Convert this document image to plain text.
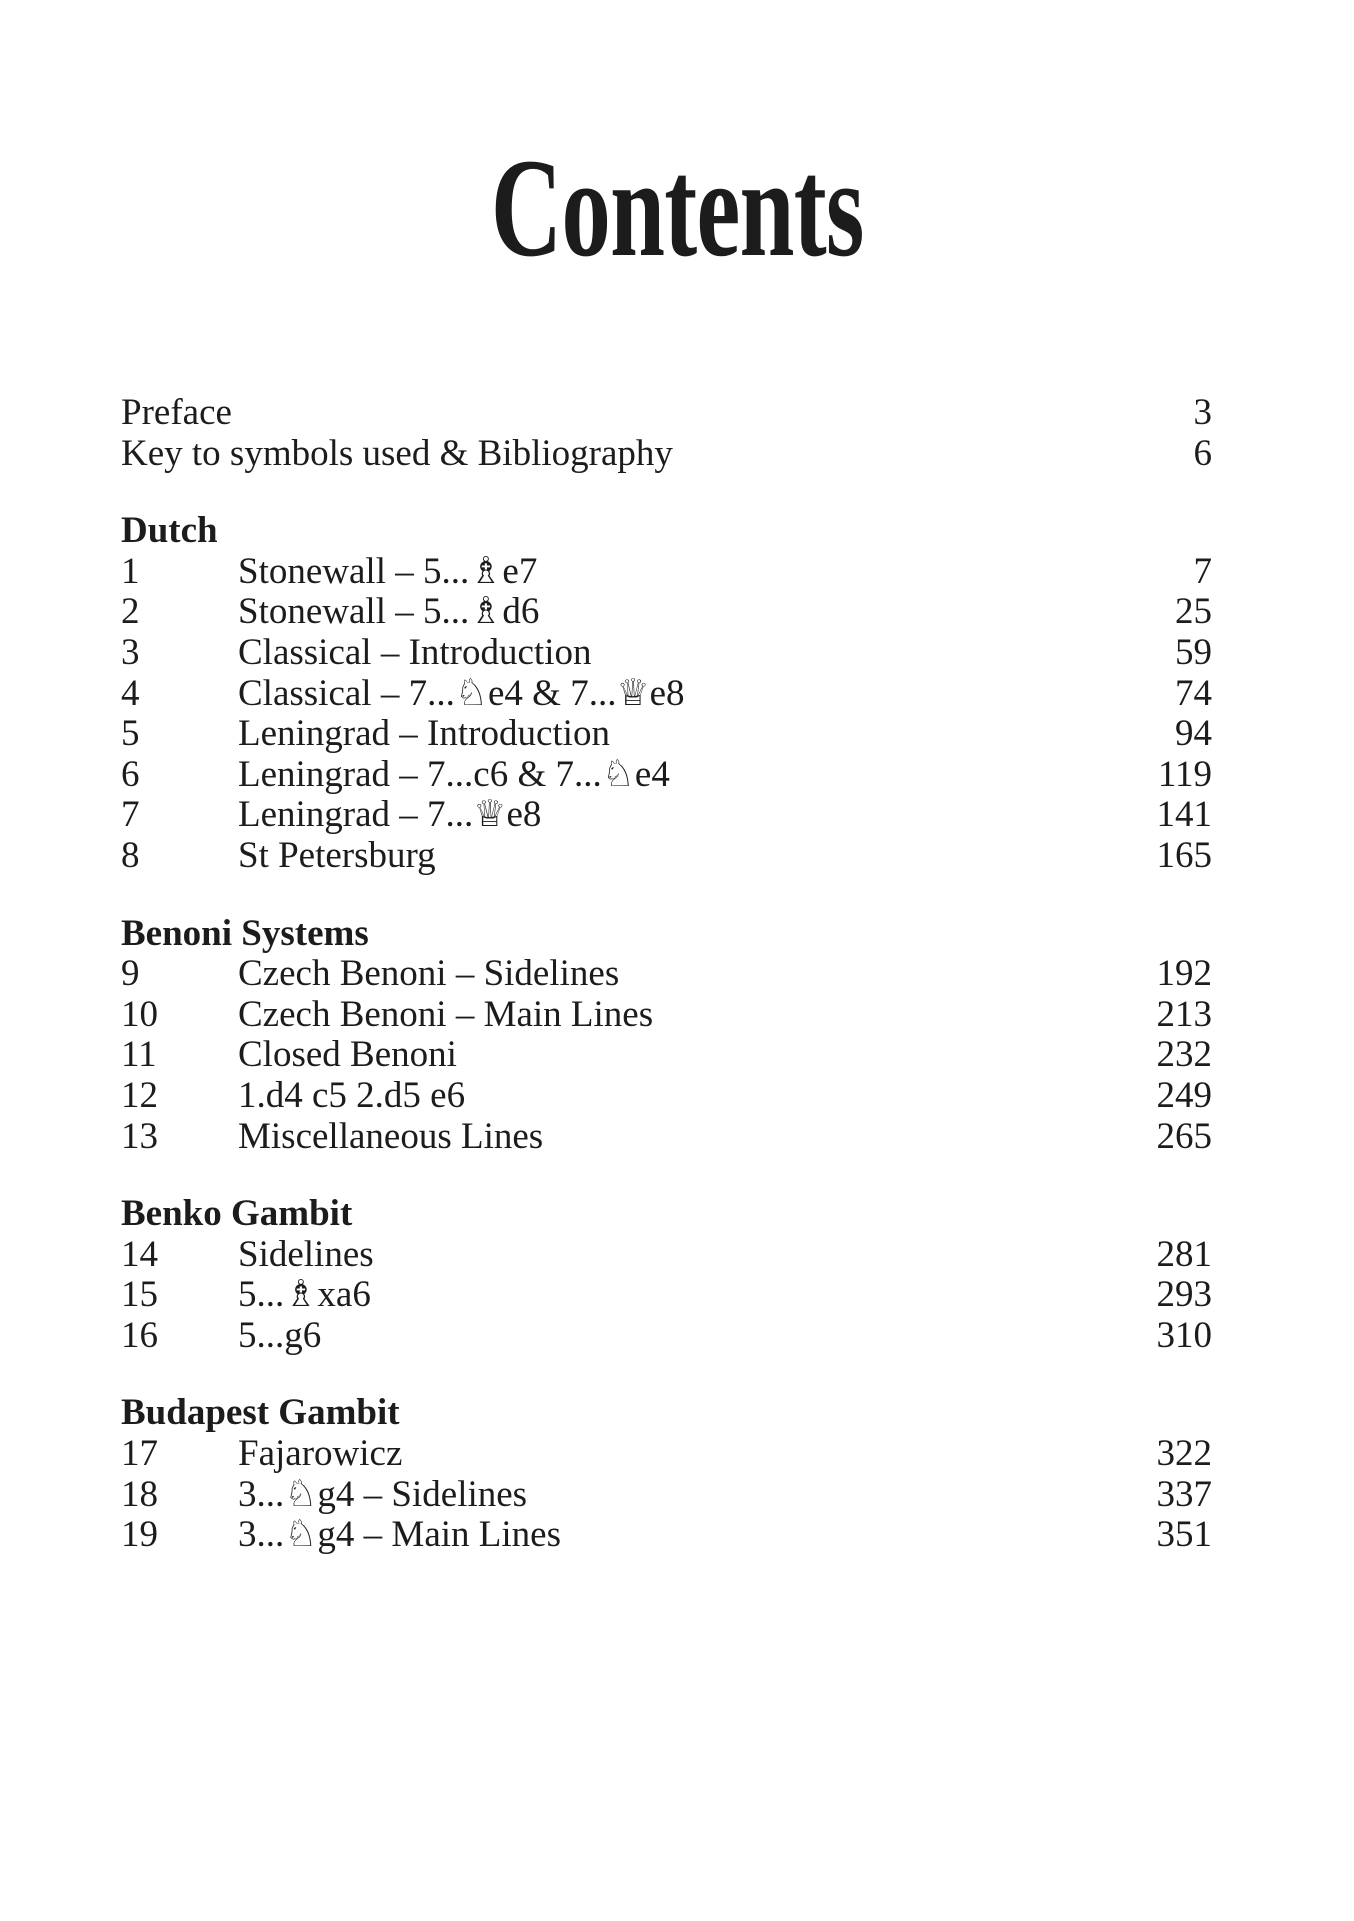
Contents
Preface	3
Key to symbols used & Bibliography	6
Dutch
1	Stonewall – 5...♗e7	7
2	Stonewall – 5...♗d6	25
3	Classical – Introduction	59
4	Classical – 7...♘e4 & 7...♕e8	74
5	Leningrad – Introduction	94
6	Leningrad – 7...c6 & 7...♘e4	119
7	Leningrad – 7...♕e8	141
8	St Petersburg	165
Benoni Systems
9	Czech Benoni – Sidelines	192
10	Czech Benoni – Main Lines	213
11	Closed Benoni	232
12	1.d4 c5 2.d5 e6	249
13	Miscellaneous Lines	265
Benko Gambit
14	Sidelines	281
15	5...♗xa6	293
16	5...g6	310
Budapest Gambit
17	Fajarowicz	322
18	3...♘g4 – Sidelines	337
19	3...♘g4 – Main Lines	351
